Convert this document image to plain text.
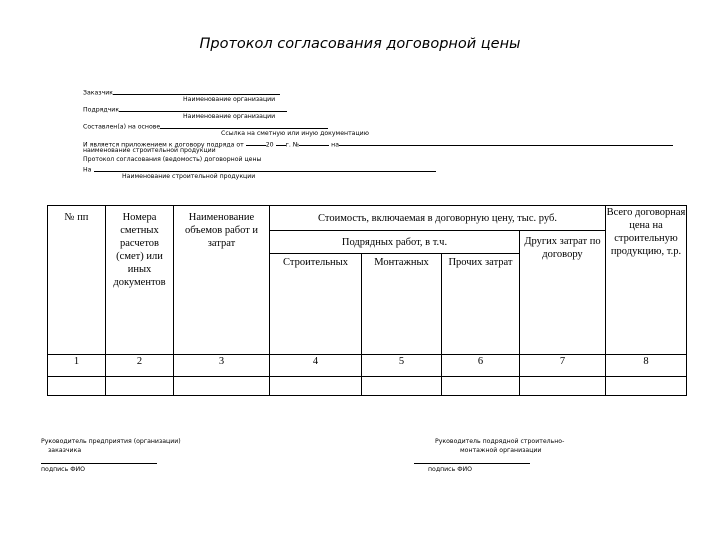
Протокол согласования договорной цены
Заказчик
Наименование организации
Подрядчик
Наименование организации
Составлен(а) на основе
Ссылка на сметную или иную документацию
И является приложением к договору подряда от	20 г. №	на
наименование строительной продукции
Протокол согласования (ведомость) договорной цены
На
Наименование строительной продукции
№ пп	Номера сметных расчетов (смет) или иных документов	Наименование объемов работ и затрат	Стоимость, включаемая в договорную цену, тыс. руб.				Всего договорная цена на строительную продукцию, т.р.
			Подрядных работ, в т.ч.			Других затрат по договору	
			Строительных	Монтажных	Прочих затрат		
1	2	3	4	5	6	7	8

Руководитель предприятия (организации)
заказчика
подпись ФИО
Руководитель подрядной строительно-
монтажной организации
подпись ФИО
